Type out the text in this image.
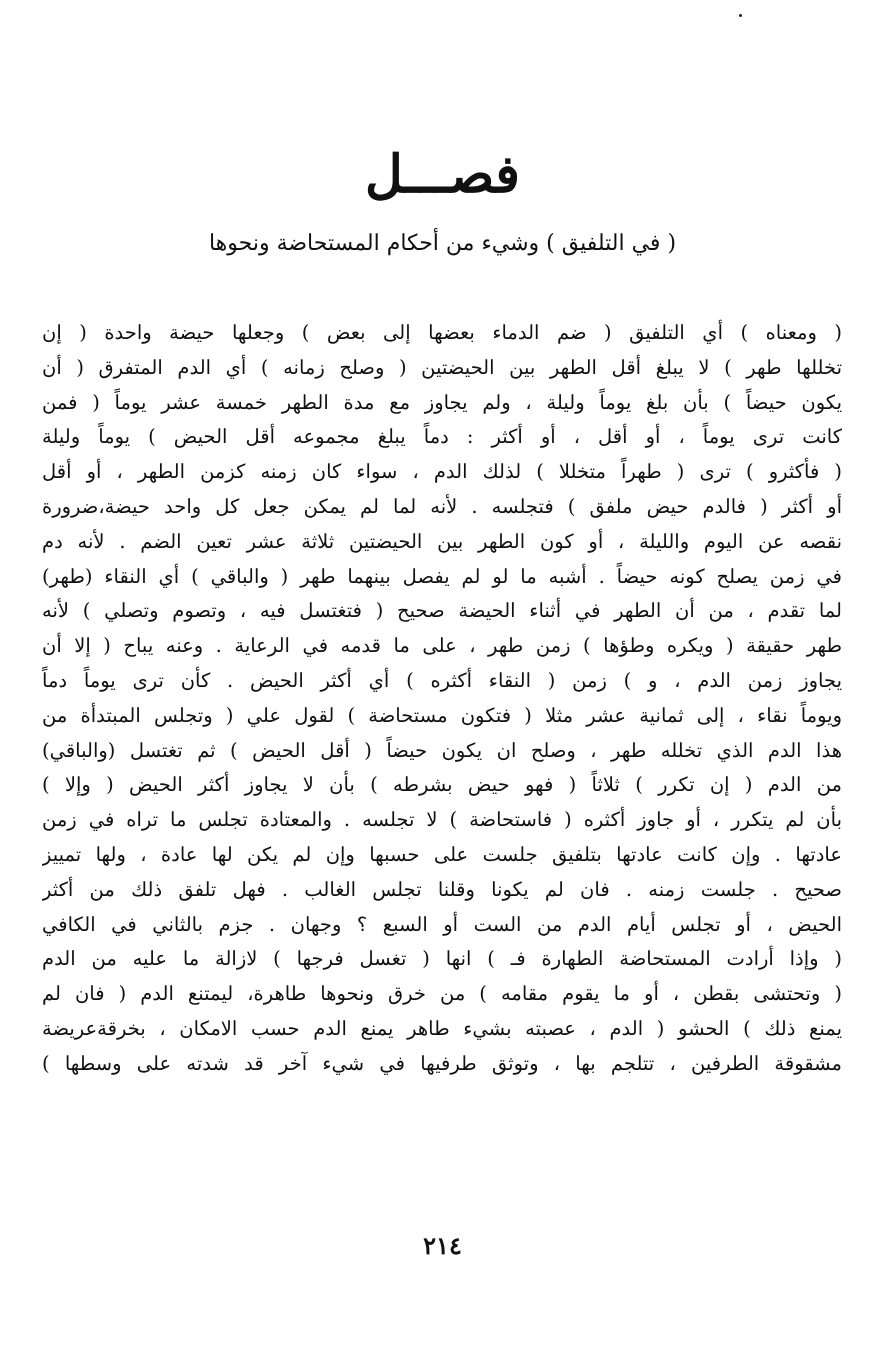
فصـــل
( في التلفيق ) وشيء من أحكام المستحاضة ونحوها
( ومعناه ) أي التلفيق ( ضم الدماء بعضها إلى بعض ) وجعلها حيضة واحدة ( إن
تخللها طهر ) لا يبلغ أقل الطهر بين الحيضتين ( وصلح زمانه ) أي الدم المتفرق ( أن
يكون حيضاً ) بأن بلغ يوماً وليلة ، ولم يجاوز مع مدة الطهر خمسة عشر يوماً ( فمن
كانت ترى يوماً ، أو أقل ، أو أكثر : دماً يبلغ مجموعه أقل الحيض ) يوماً وليلة
( فأكثرو ) ترى ( طهراً متخللا ) لذلك الدم ، سواء كان زمنه كزمن الطهر ، أو أقل
أو أكثر ( فالدم حيض ملفق ) فتجلسه . لأنه لما لم يمكن جعل كل واحد حيضة،ضرورة
نقصه عن اليوم والليلة ، أو كون الطهر بين الحيضتين ثلاثة عشر تعين الضم . لأنه دم
في زمن يصلح كونه حيضاً . أشبه ما لو لم يفصل بينهما طهر ( والباقي ) أي النقاء (طهر)
لما تقدم ، من أن الطهر في أثناء الحيضة صحيح ( فتغتسل فيه ، وتصوم وتصلي ) لأنه
طهر حقيقة ( ويكره وطؤها ) زمن طهر ، على ما قدمه في الرعاية . وعنه يباح ( إلا أن
يجاوز زمن الدم ، و ) زمن ( النقاء أكثره ) أي أكثر الحيض . كأن ترى يوماً دماً
ويوماً نقاء ، إلى ثمانية عشر مثلا ( فتكون مستحاضة ) لقول علي ( وتجلس المبتدأة من
هذا الدم الذي تخلله طهر ، وصلح ان يكون حيضاً ( أقل الحيض ) ثم تغتسل (والباقي)
من الدم ( إن تكرر ) ثلاثاً ( فهو حيض بشرطه ) بأن لا يجاوز أكثر الحيض ( وإلا )
بأن لم يتكرر ، أو جاوز أكثره ( فاستحاضة ) لا تجلسه . والمعتادة تجلس ما تراه في زمن
عادتها . وإن كانت عادتها بتلفيق جلست على حسبها وإن لم يكن لها عادة ، ولها تمييز
صحيح . جلست زمنه . فان لم يكونا وقلنا تجلس الغالب . فهل تلفق ذلك من أكثر
الحيض ، أو تجلس أيام الدم من الست أو السبع ؟ وجهان . جزم بالثاني في الكافي
( وإذا أرادت المستحاضة الطهارة فـ ) انها ( تغسل فرجها ) لازالة ما عليه من الدم
( وتحتشى بقطن ، أو ما يقوم مقامه ) من خرق ونحوها طاهرة، ليمتنع الدم ( فان لم
يمنع ذلك ) الحشو ( الدم ، عصبته بشيء طاهر يمنع الدم حسب الامكان ، بخرقةعريضة
مشقوقة الطرفين ، تتلجم بها ، وتوثق طرفيها في شيء آخر قد شدته على وسطها )
٢١٤
